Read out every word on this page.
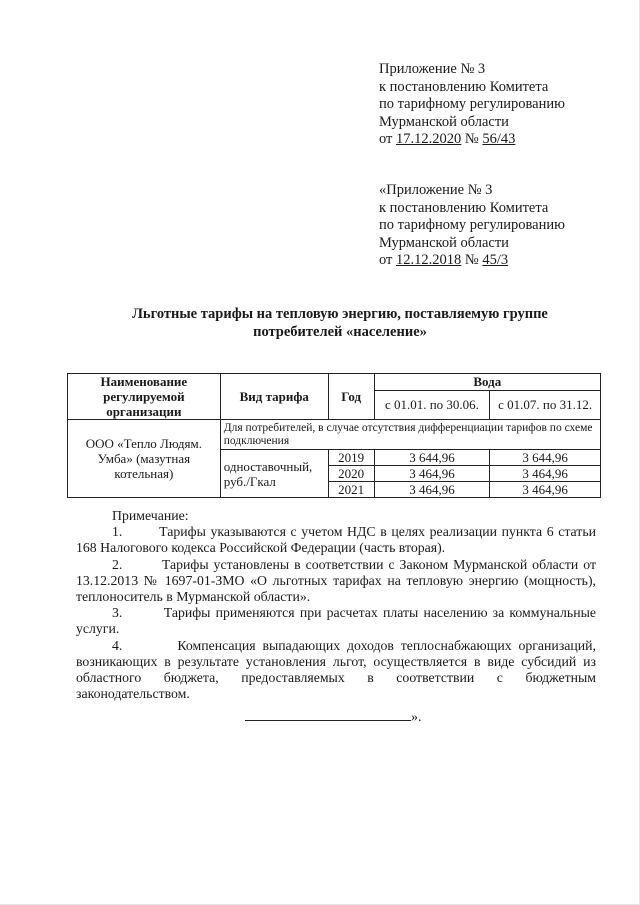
Приложение № 3
к постановлению Комитета
по тарифному регулированию
Мурманской области
от 17.12.2020 № 56/43
«Приложение № 3
к постановлению Комитета
по тарифному регулированию
Мурманской области
от 12.12.2018 № 45/3
Льготные тарифы на тепловую энергию, поставляемую группе
потребителей «население»
Наименование регулируемой организации	Вид тарифа	Год	Вода	
			с 01.01. по 30.06.	с 01.07. по 31.12.
ООО «Тепло Людям. Умба» (мазутная котельная)	Для потребителей, в случае отсутствия дифференциации тарифов по схеме подключения			
	одноставочный, руб./Гкал	2019	3 644,96	3 644,96
		2020	3 464,96	3 464,96
		2021	3 464,96	3 464,96

Примечание:

1.        Тарифы указываются с учетом НДС в целях реализации пункта 6 статьи 168 Налогового кодекса Российской Федерации (часть вторая).

2.        Тарифы установлены в соответствии с Законом Мурманской области от 13.12.2013 № 1697-01-ЗМО «О льготных тарифах на тепловую энергию (мощность), теплоноситель в Мурманской области».

3.        Тарифы применяются при расчетах платы населению за коммунальные услуги.

4.        Компенсация выпадающих доходов теплоснабжающих организаций, возникающих в результате установления льгот, осуществляется в виде субсидий из областного бюджета, предоставляемых в соответствии с бюджетным законодательством.

».
